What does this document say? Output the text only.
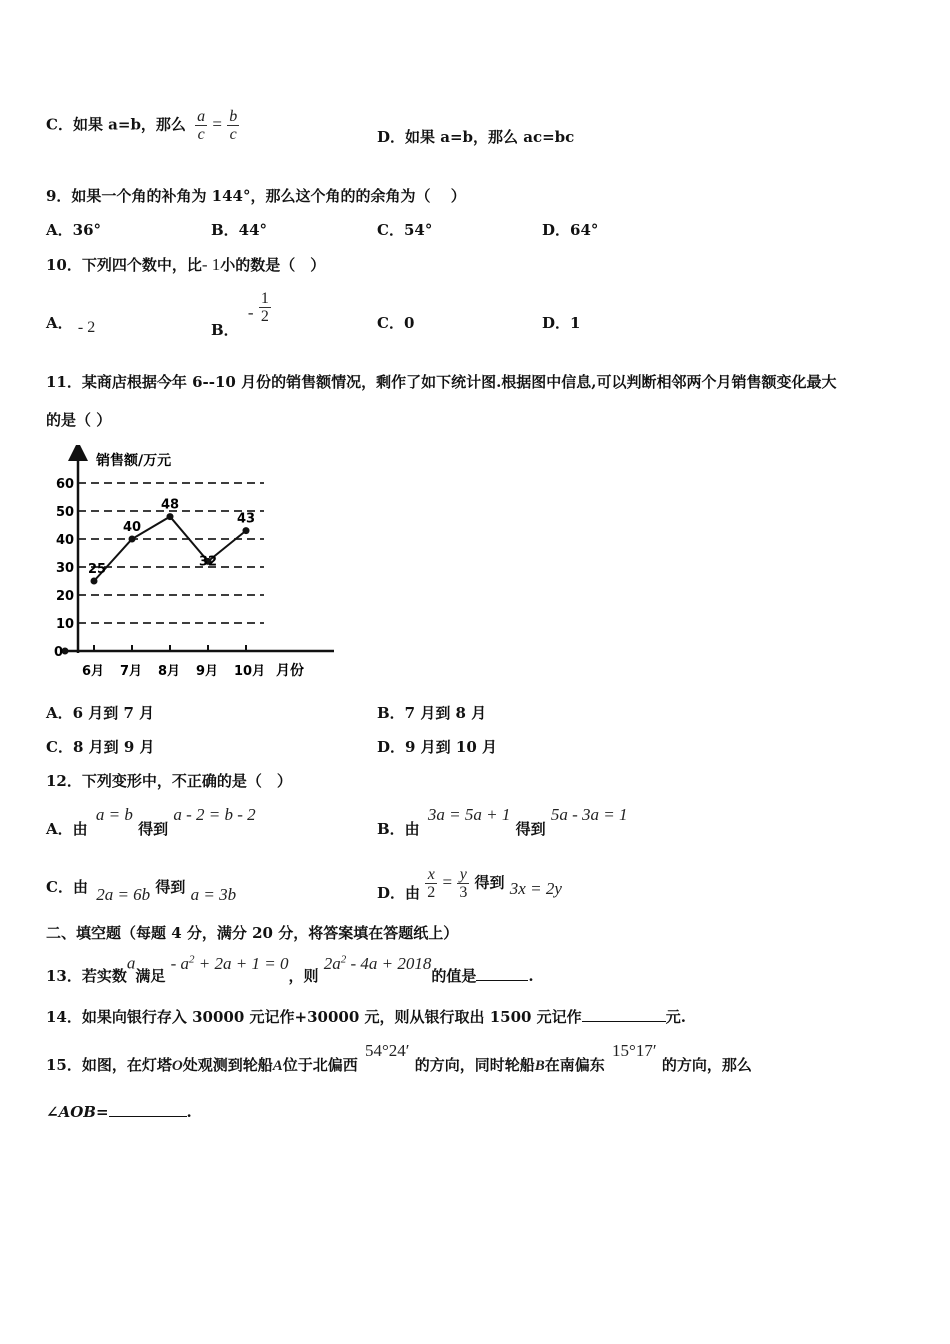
C．如果 a=b，那么 $\frac{a}{c} = \frac{b}{c}$	D．如果 a=b，那么 ac=bc
9．如果一个角的补角为 144°，那么这个角的的余角为（　 ）
A．36°	B．44°	C．54°	D．64°
10．下列四个数中，比- 1小的数是（　）
A． - 2	B． - $\frac{1}{2}$	C．0	D．1
11．某商店根据今年 6--10 月份的销售额情况，剩作了如下统计图.根据图中信息,可以判断相邻两个月销售额变化最大
的是（ ）
销售额/万元
月份
0
10
20
30
40
50
60
6月 7月 8月 9月 10月
25
40
48
32
43
A．6 月到 7 月	B．7 月到 8 月
C．8 月到 9 月	D．9 月到 10 月
12．下列变形中，不正确的是（　）
A．由 a = b 得到 a - 2 = b - 2
B．由 3a = 5a + 1 得到 5a - 3a = 1
C．由 2a = 6b 得到 a = 3b	D．由 $\frac{x}{2} = \frac{y}{3}$ 得到 3x = 2y
二、填空题（每题 4 分，满分 20 分，将答案填在答题纸上）
13．若实数a满足 - $a^2 + 2a + 1 = 0$，则 $2a^2 - 4a + 2018$的值是	.
14．如果向银行存入 30000 元记作+30000 元，则从银行取出 1500 元记作	元.
15．如图，在灯塔O处观测到轮船A位于北偏西 54°24′ 的方向，同时轮船B在南偏东 15°17′ 的方向，那么
∠AOB=	.
